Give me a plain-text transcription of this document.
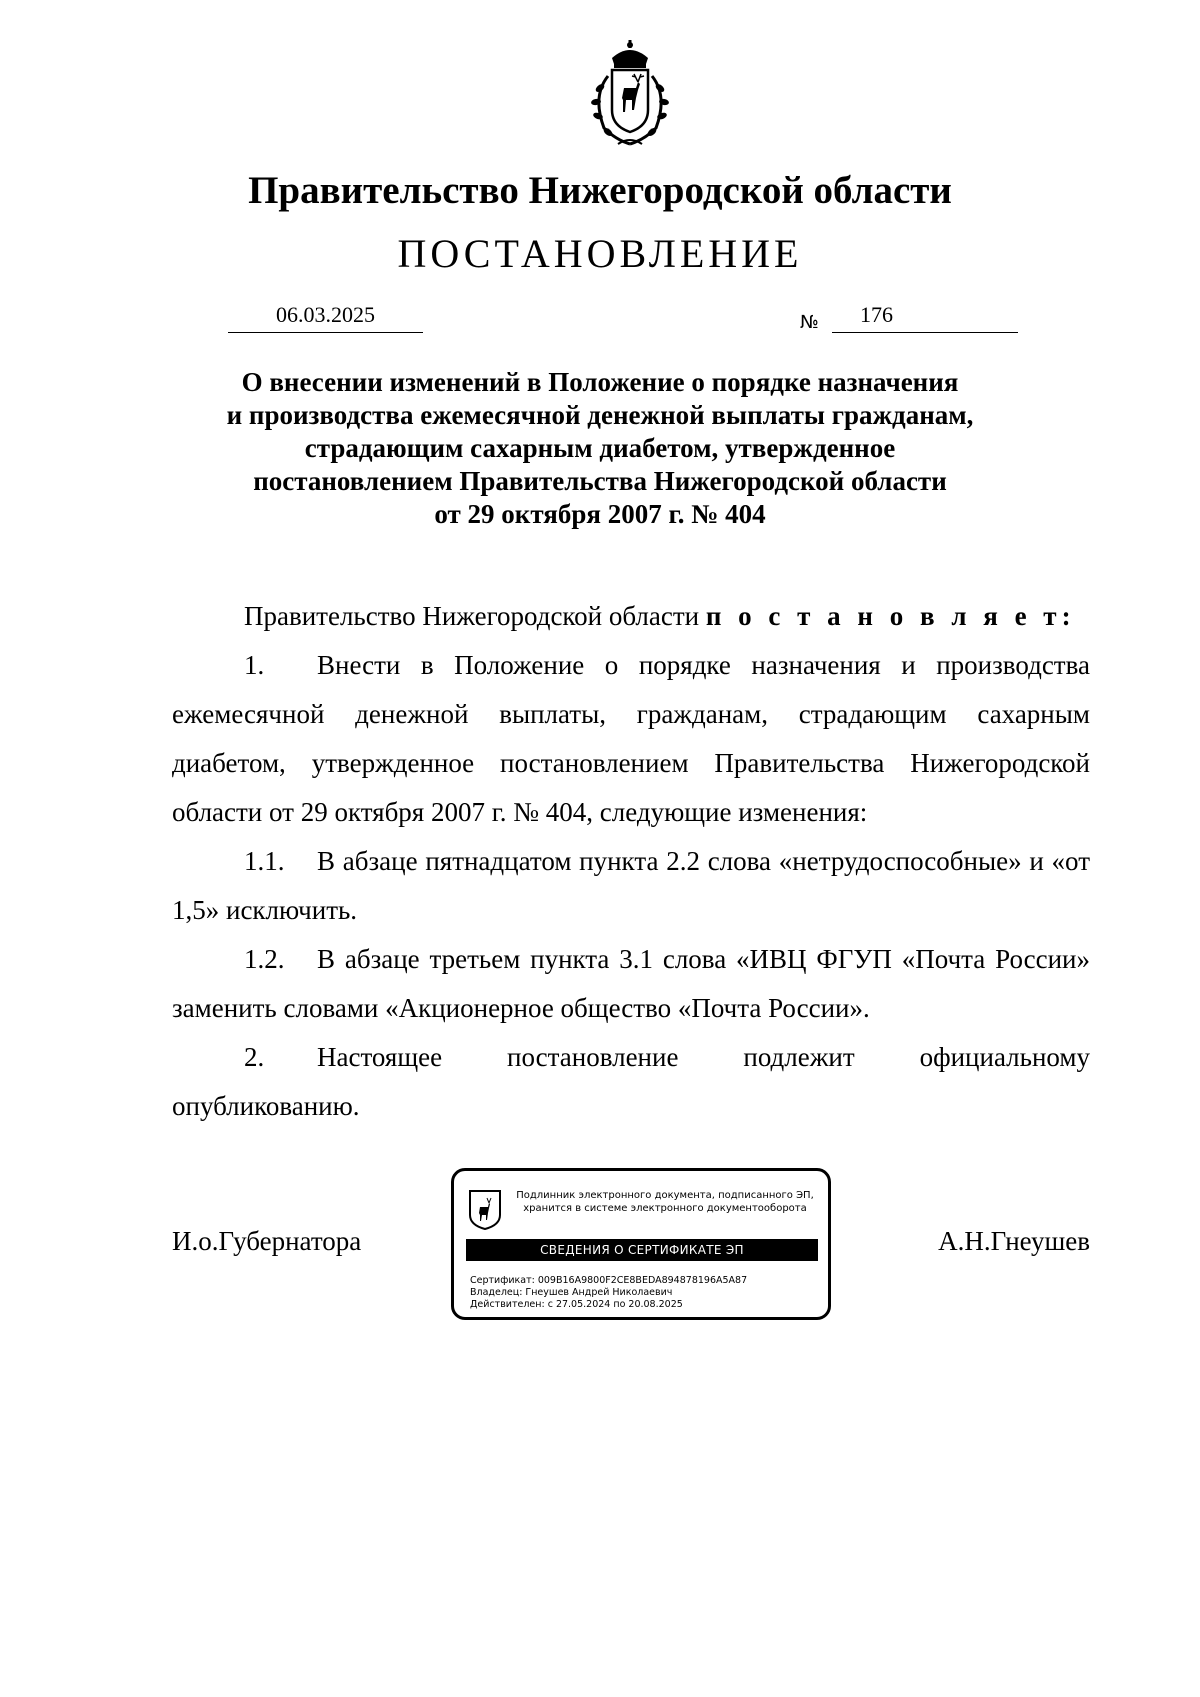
Правительство Нижегородской области
ПОСТАНОВЛЕНИЕ
06.03.2025	№ 176
О внесении изменений в Положение о порядке назначения
и производства ежемесячной денежной выплаты гражданам,
страдающим сахарным диабетом, утвержденное
постановлением Правительства Нижегородской области
от 29 октября 2007 г. № 404
Правительство Нижегородской области п о с т а н о в л я е т:
1. Внести в Положение о порядке назначения и производства ежемесячной денежной выплаты, гражданам, страдающим сахарным диабетом, утвержденное постановлением Правительства Нижегородской области от 29 октября 2007 г. № 404, следующие изменения:
1.1. В абзаце пятнадцатом пункта 2.2 слова «нетрудоспособные» и «от 1,5» исключить.
1.2. В абзаце третьем пункта 3.1 слова «ИВЦ ФГУП «Почта России» заменить словами «Акционерное общество «Почта России».
2. Настоящее постановление подлежит официальному опубликованию.
И.о.Губернатора	А.Н.Гнеушев
Подлинник электронного документа, подписанного ЭП,
хранится в системе электронного документооборота
СВЕДЕНИЯ О СЕРТИФИКАТЕ ЭП
Сертификат: 009B16A9800F2CE8BEDA894878196A5A87
Владелец: Гнеушев Андрей Николаевич
Действителен: с 27.05.2024 по 20.08.2025
